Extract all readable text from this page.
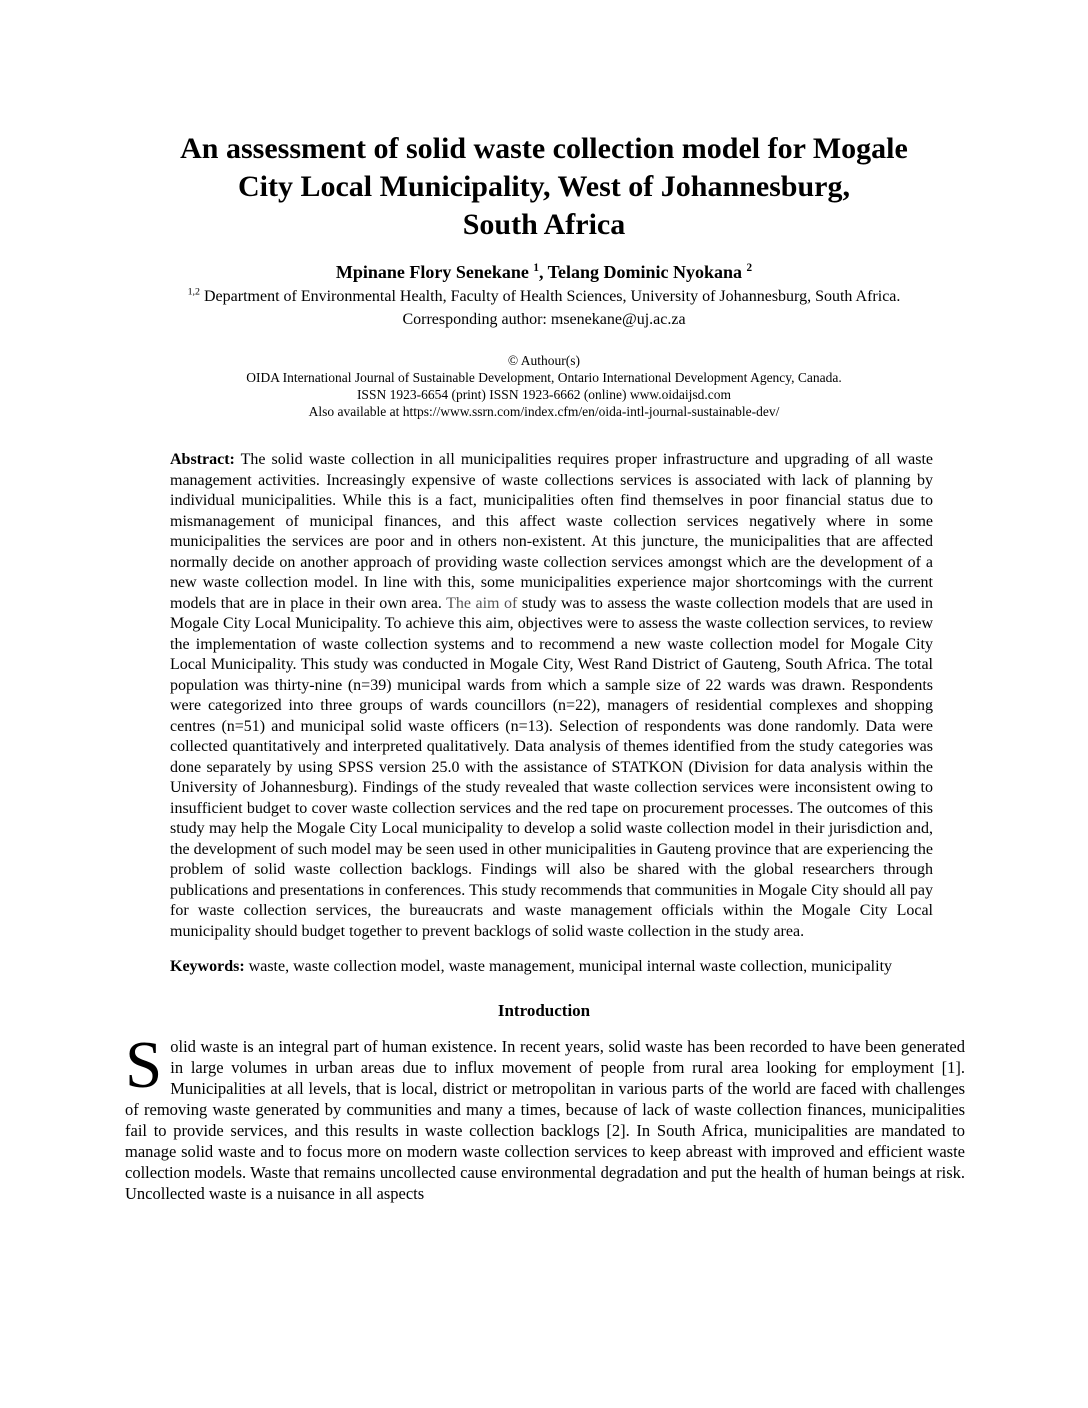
An assessment of solid waste collection model for Mogale
City Local Municipality, West of Johannesburg,
South Africa
Mpinane Flory Senekane $^1$, Telang Dominic Nyokana $^2$
$^{1,2}$ Department of Environmental Health, Faculty of Health Sciences, University of Johannesburg, South Africa.
Corresponding author: msenekane@uj.ac.za
© Authour(s)
OIDA International Journal of Sustainable Development, Ontario International Development Agency, Canada.
ISSN 1923-6654 (print) ISSN 1923-6662 (online) www.oidaijsd.com
Also available at https://www.ssrn.com/index.cfm/en/oida-intl-journal-sustainable-dev/
Abstract: The solid waste collection in all municipalities requires proper infrastructure and upgrading of all waste management activities. Increasingly expensive of waste collections services is associated with lack of planning by individual municipalities. While this is a fact, municipalities often find themselves in poor financial status due to mismanagement of municipal finances, and this affect waste collection services negatively where in some municipalities the services are poor and in others non-existent. At this juncture, the municipalities that are affected normally decide on another approach of providing waste collection services amongst which are the development of a new waste collection model. In line with this, some municipalities experience major shortcomings with the current models that are in place in their own area. The aim of study was to assess the waste collection models that are used in Mogale City Local Municipality. To achieve this aim, objectives were to assess the waste collection services, to review the implementation of waste collection systems and to recommend a new waste collection model for Mogale City Local Municipality. This study was conducted in Mogale City, West Rand District of Gauteng, South Africa. The total population was thirty-nine (n=39) municipal wards from which a sample size of 22 wards was drawn. Respondents were categorized into three groups of wards councillors (n=22), managers of residential complexes and shopping centres (n=51) and municipal solid waste officers (n=13). Selection of respondents was done randomly. Data were collected quantitatively and interpreted qualitatively. Data analysis of themes identified from the study categories was done separately by using SPSS version 25.0 with the assistance of STATKON (Division for data analysis within the University of Johannesburg). Findings of the study revealed that waste collection services were inconsistent owing to insufficient budget to cover waste collection services and the red tape on procurement processes. The outcomes of this study may help the Mogale City Local municipality to develop a solid waste collection model in their jurisdiction and, the development of such model may be seen used in other municipalities in Gauteng province that are experiencing the problem of solid waste collection backlogs. Findings will also be shared with the global researchers through publications and presentations in conferences. This study recommends that communities in Mogale City should all pay for waste collection services, the bureaucrats and waste management officials within the Mogale City Local municipality should budget together to prevent backlogs of solid waste collection in the study area.
Keywords: waste, waste collection model, waste management, municipal internal waste collection, municipality
Introduction
Solid waste is an integral part of human existence. In recent years, solid waste has been recorded to have been generated in large volumes in urban areas due to influx movement of people from rural area looking for employment [1]. Municipalities at all levels, that is local, district or metropolitan in various parts of the world are faced with challenges of removing waste generated by communities and many a times, because of lack of waste collection finances, municipalities fail to provide services, and this results in waste collection backlogs [2]. In South Africa, municipalities are mandated to manage solid waste and to focus more on modern waste collection services to keep abreast with improved and efficient waste collection models. Waste that remains uncollected cause environmental degradation and put the health of human beings at risk. Uncollected waste is a nuisance in all aspects
